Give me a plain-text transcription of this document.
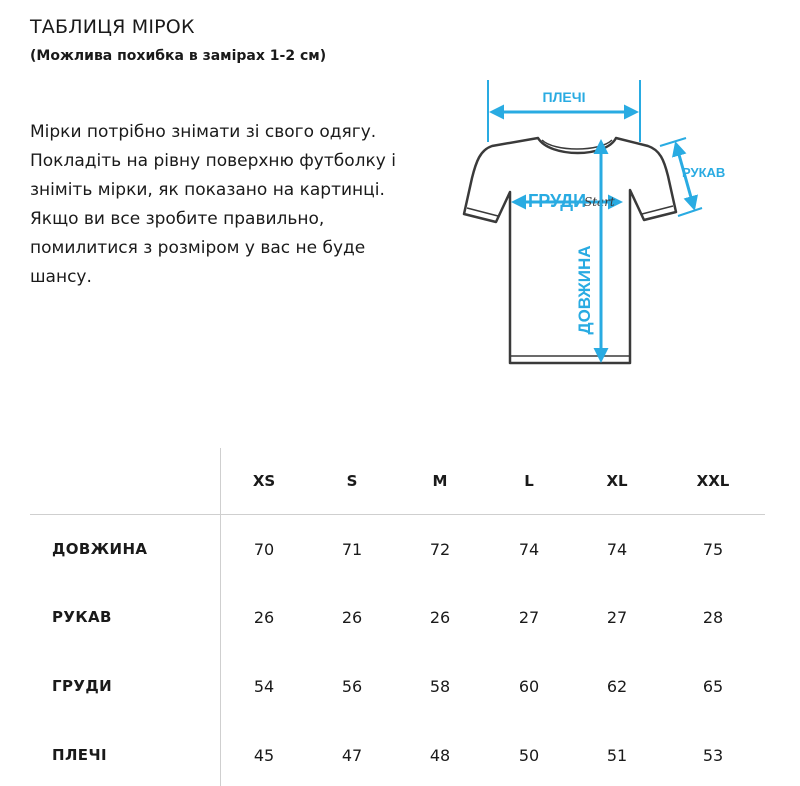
ТАБЛИЦЯ МІРОК
(Можлива похибка в замірах 1-2 см)
Мірки потрібно знімати зі свого одягу. Покладіть на рівну поверхню футболку і зніміть мірки, як показано на картинці. Якщо ви все зробите правильно, помилитися з розміром у вас не буде шансу.
ПЛЕЧІ
РУКАВ
ГРУДИ
Start
ДОВЖИНА
XS	S	M	L	XL	XXL
ДОВЖИНА	70	71	72	74	74	75
РУКАВ	26	26	26	27	27	28
ГРУДИ	54	56	58	60	62	65
ПЛЕЧІ	45	47	48	50	51	53
